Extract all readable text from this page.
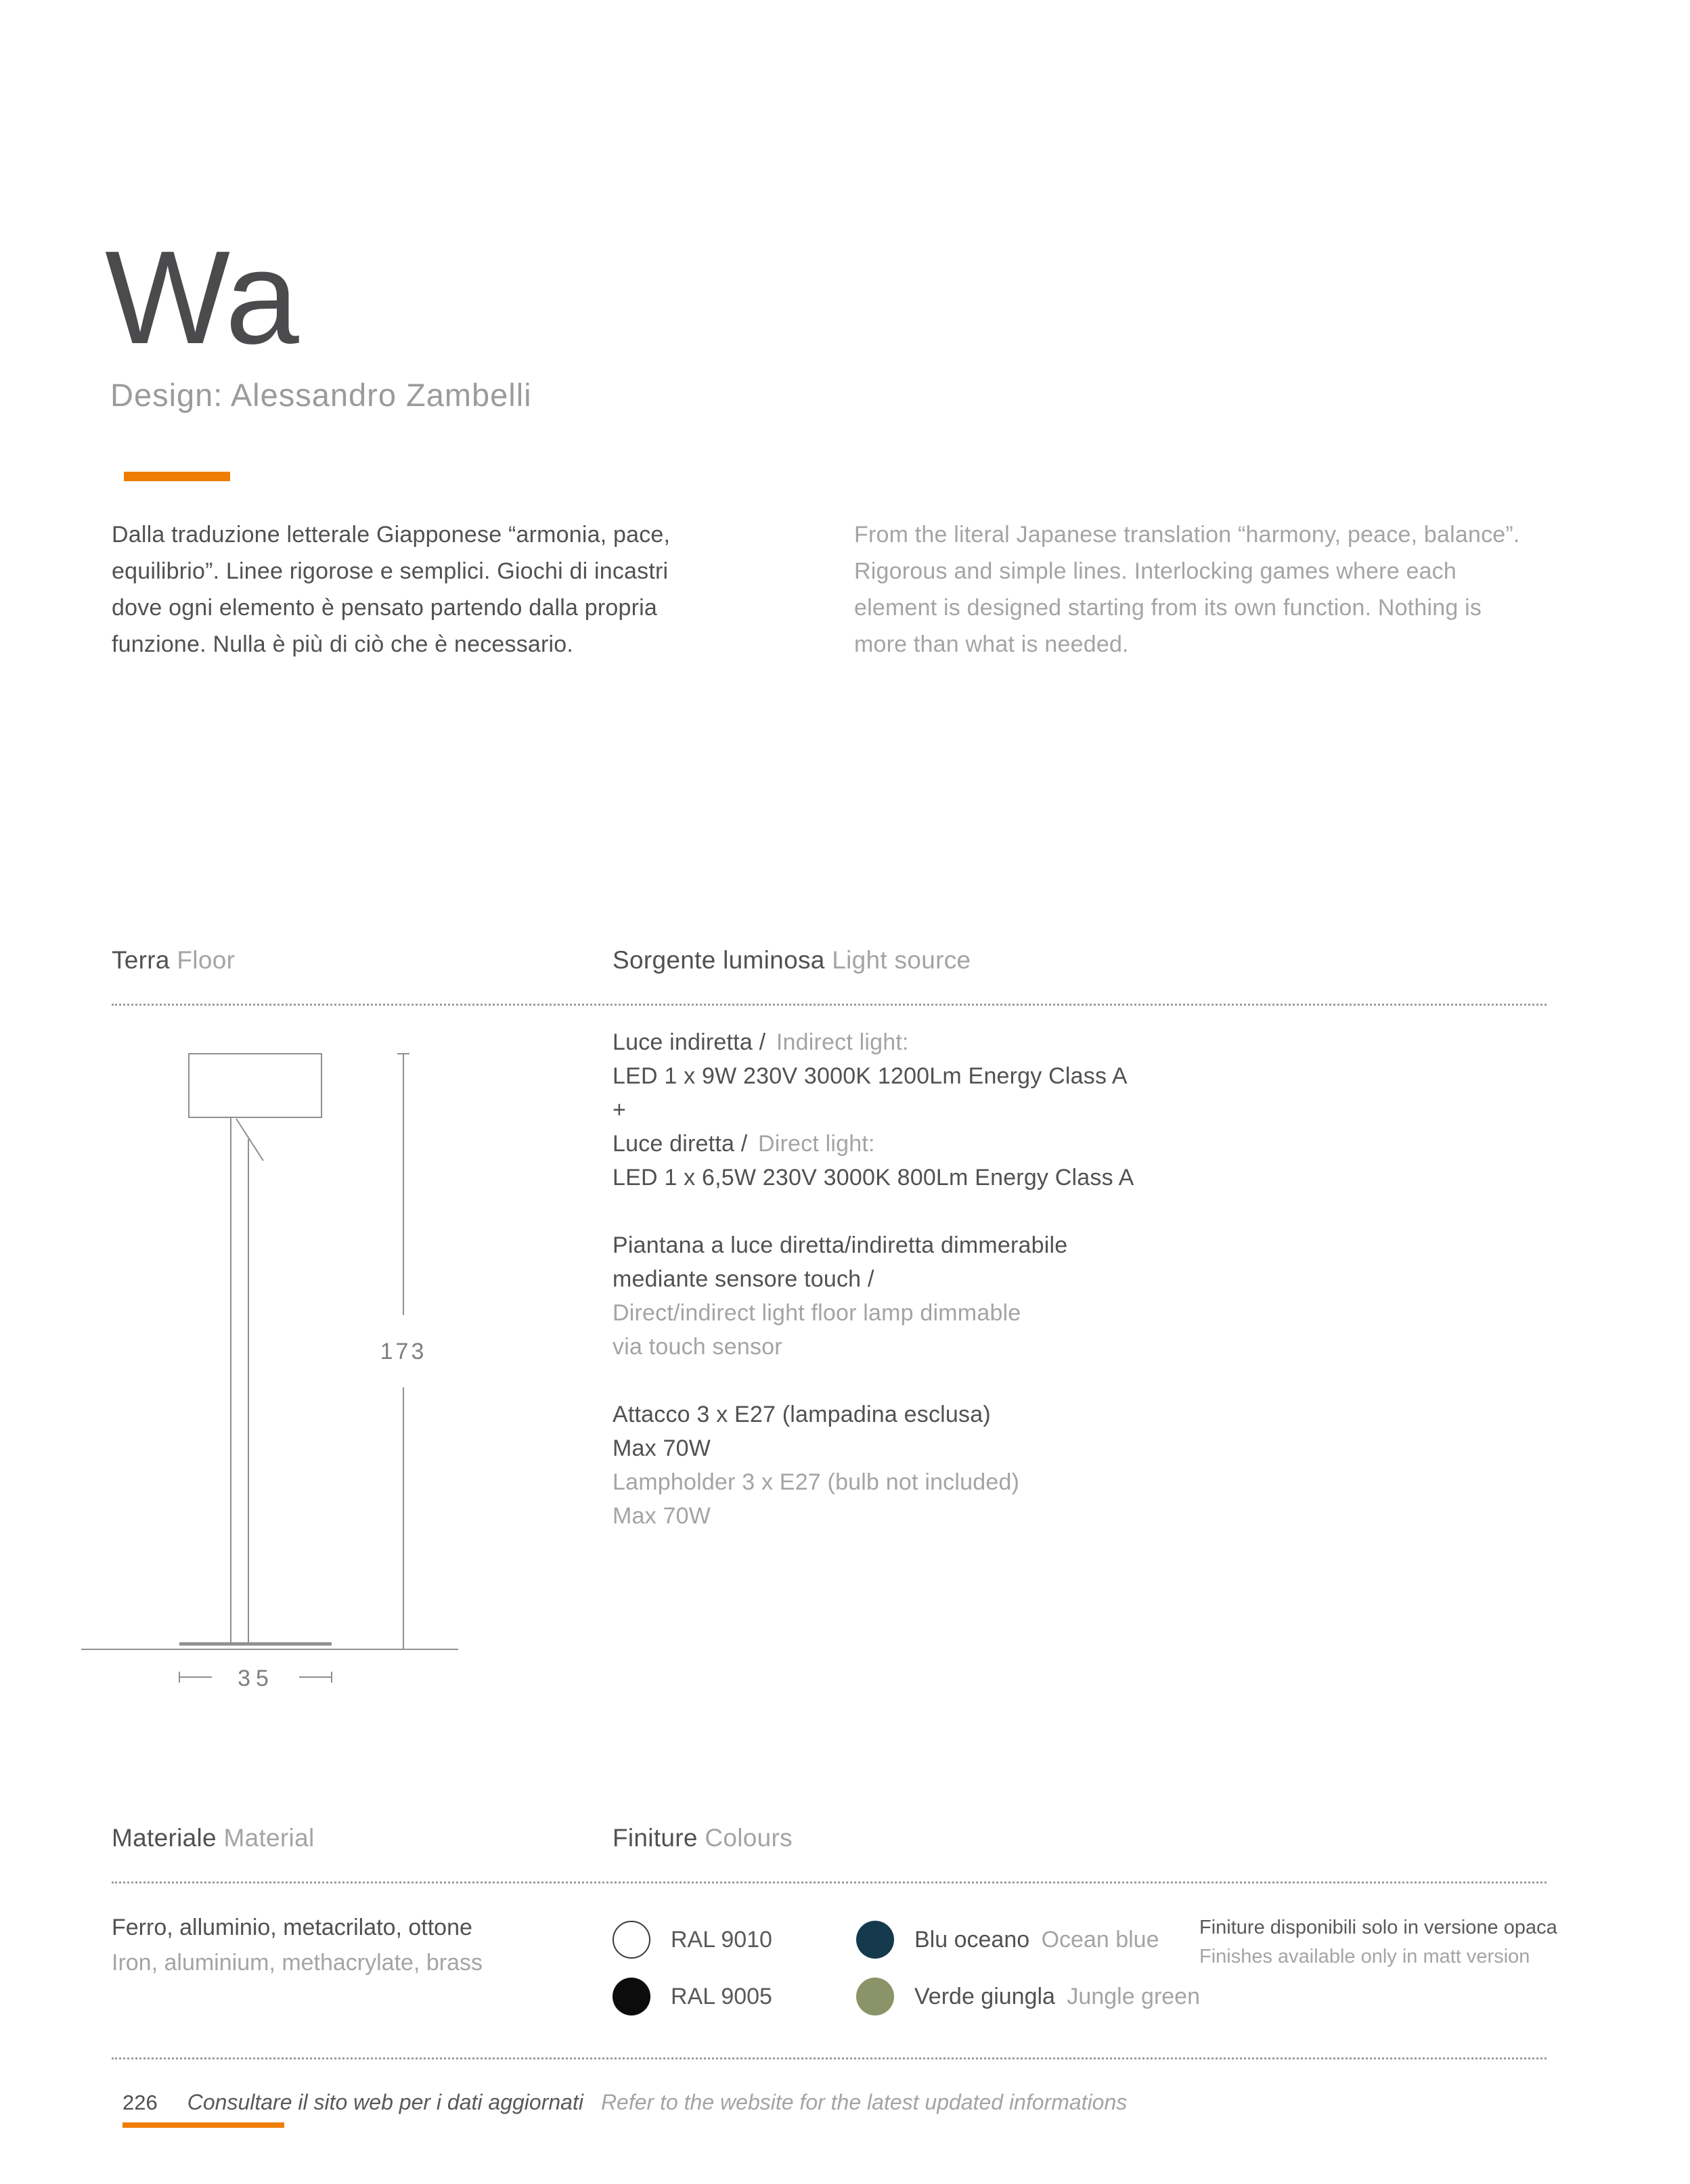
Wa
Design: Alessandro Zambelli
Dalla traduzione letterale Giapponese “armonia, pace, equilibrio”. Linee rigorose e semplici. Giochi di incastri dove ogni elemento è pensato partendo dalla propria funzione. Nulla è più di ciò che è necessario.
From the literal Japanese translation “harmony, peace, balance”. Rigorous and simple lines. Interlocking games where each element is designed starting from its own function. Nothing is more than what is needed.
Terra Floor	Sorgente luminosa Light source
173
35
Luce indiretta / Indirect light:
LED 1 x 9W 230V 3000K 1200Lm Energy Class A
+
Luce diretta / Direct light:
LED 1 x 6,5W 230V 3000K 800Lm Energy Class A
Piantana a luce diretta/indiretta dimmerabile
mediante sensore touch /
Direct/indirect light floor lamp dimmable
via touch sensor
Attacco 3 x E27 (lampadina esclusa)
Max 70W
Lampholder 3 x E27 (bulb not included)
Max 70W
Materiale Material	Finiture Colours
Ferro, alluminio, metacrilato, ottone
Iron, aluminium, methacrylate, brass
RAL 9010
RAL 9005
Blu oceano Ocean blue
Verde giungla Jungle green
Finiture disponibili solo in versione opaca
Finishes available only in matt version
226 Consultare il sito web per i dati aggiornati Refer to the website for the latest updated informations
